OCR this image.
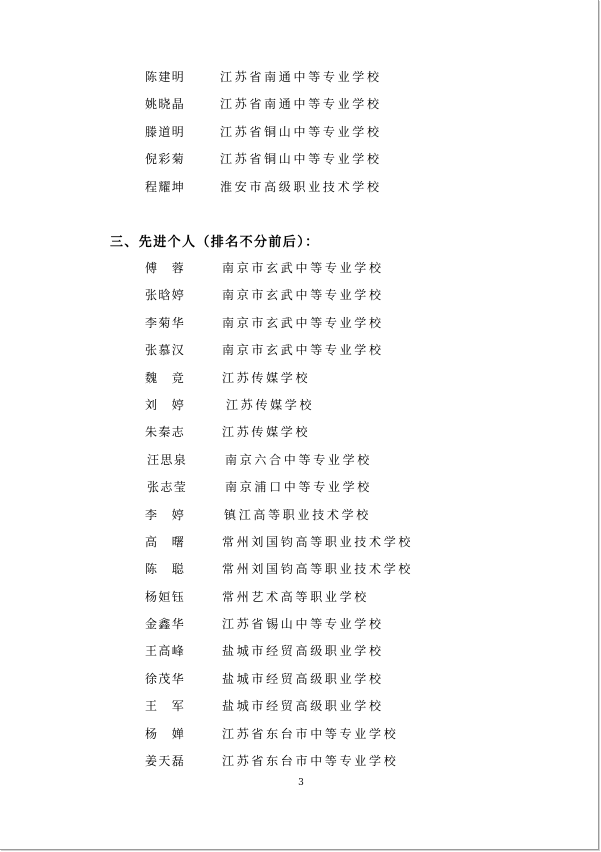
陈建明	江苏省南通中等专业学校
姚晓晶	江苏省南通中等专业学校
滕道明	江苏省铜山中等专业学校
倪彩菊	江苏省铜山中等专业学校
程耀坤	淮安市高级职业技术学校
三、先进个人（排名不分前后）：
傅　蓉	南京市玄武中等专业学校
张晗婷	南京市玄武中等专业学校
李菊华	南京市玄武中等专业学校
张慕汉	南京市玄武中等专业学校
魏　竞	江苏传媒学校
刘　婷	江苏传媒学校
朱秦志	江苏传媒学校
汪思泉	南京六合中等专业学校
张志莹	南京浦口中等专业学校
李　婷	镇江高等职业技术学校
高　曙	常州刘国钧高等职业技术学校
陈　聪	常州刘国钧高等职业技术学校
杨姮钰	常州艺术高等职业学校
金鑫华	江苏省锡山中等专业学校
王高峰	盐城市经贸高级职业学校
徐茂华	盐城市经贸高级职业学校
王　军	盐城市经贸高级职业学校
杨　婵	江苏省东台市中等专业学校
姜天磊	江苏省东台市中等专业学校
3
